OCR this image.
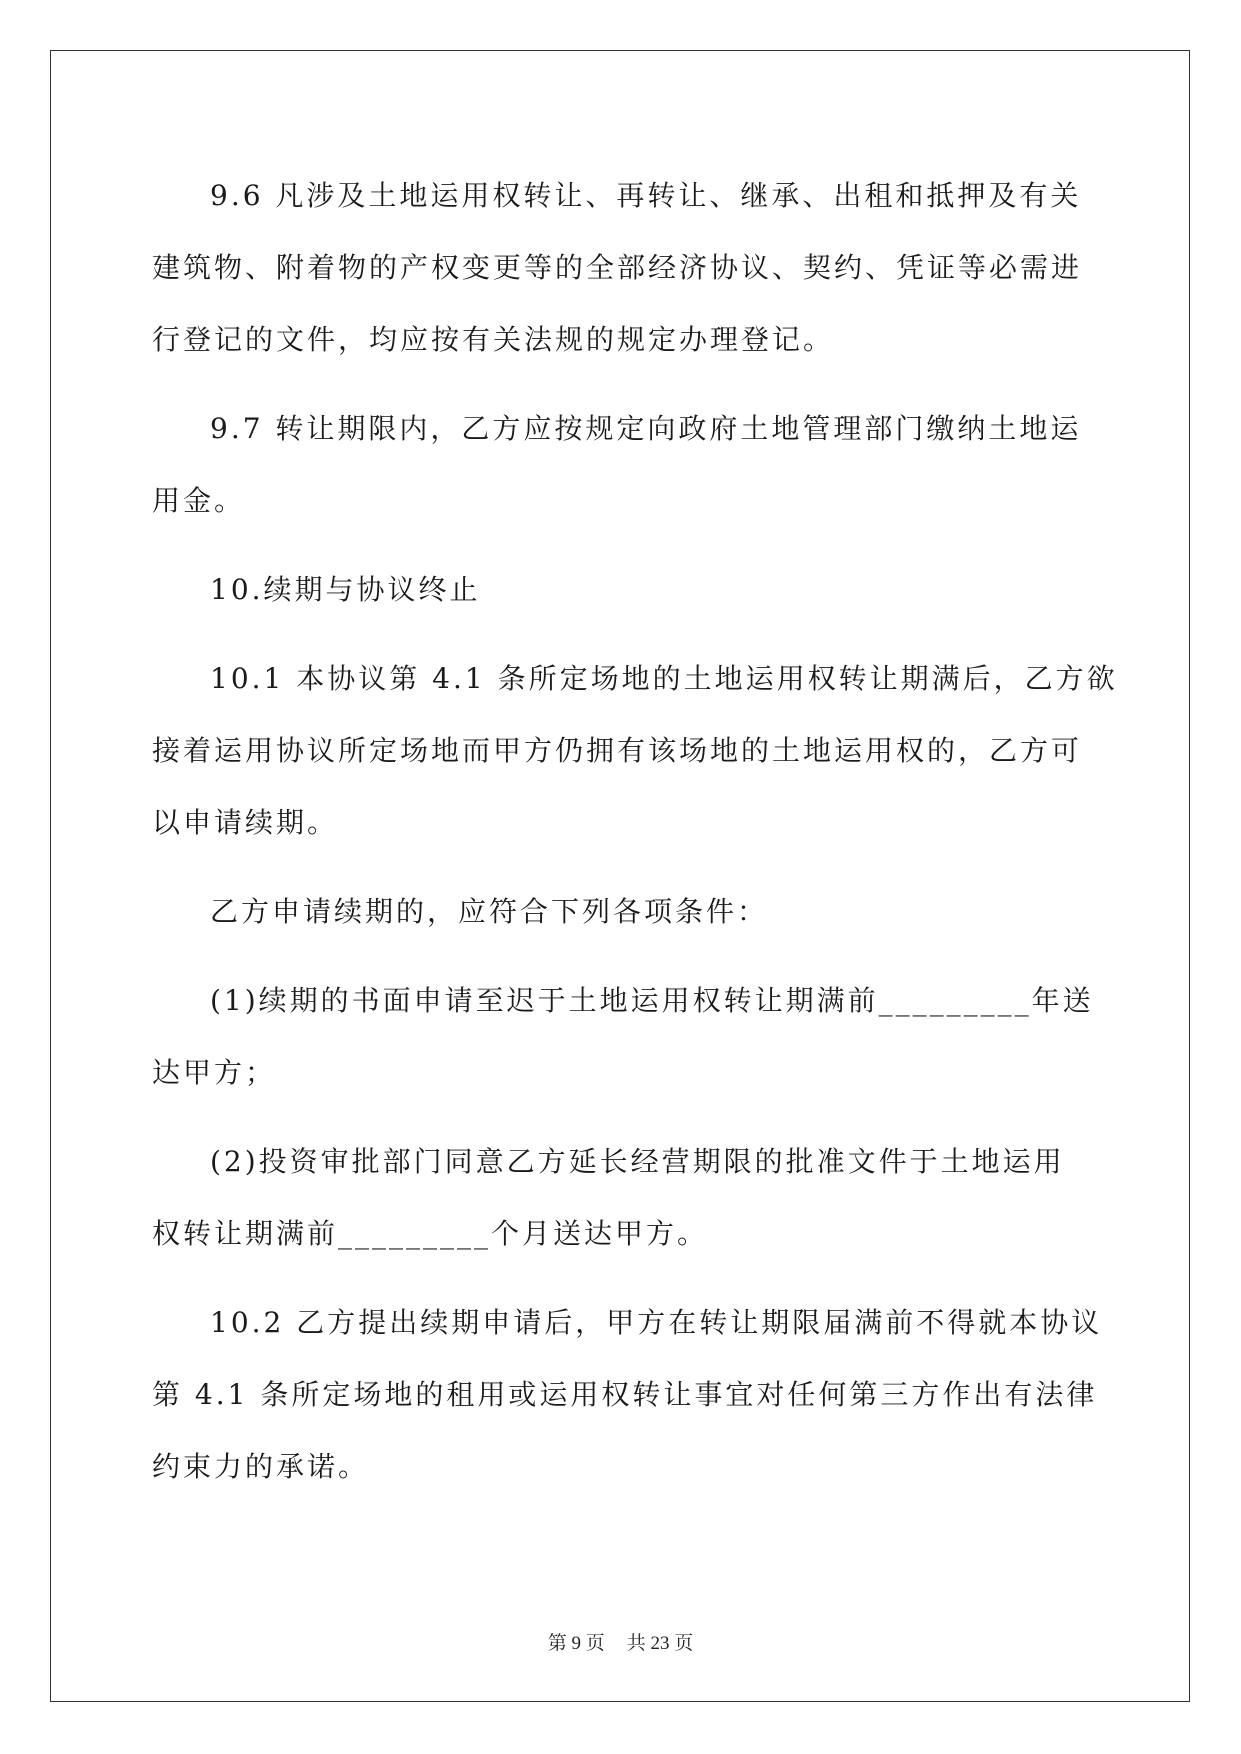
9.6 凡涉及土地运用权转让、再转让、继承、出租和抵押及有关
建筑物、附着物的产权变更等的全部经济协议、契约、凭证等必需进
行登记的文件，均应按有关法规的规定办理登记。
9.7 转让期限内，乙方应按规定向政府土地管理部门缴纳土地运
用金。
10.续期与协议终止
10.1 本协议第 4.1 条所定场地的土地运用权转让期满后，乙方欲
接着运用协议所定场地而甲方仍拥有该场地的土地运用权的，乙方可
以申请续期。
乙方申请续期的，应符合下列各项条件：
(1)续期的书面申请至迟于土地运用权转让期满前_________年送
达甲方；
(2)投资审批部门同意乙方延长经营期限的批准文件于土地运用
权转让期满前_________个月送达甲方。
10.2 乙方提出续期申请后，甲方在转让期限届满前不得就本协议
第 4.1 条所定场地的租用或运用权转让事宜对任何第三方作出有法律
约束力的承诺。
第 9 页 共 23 页
